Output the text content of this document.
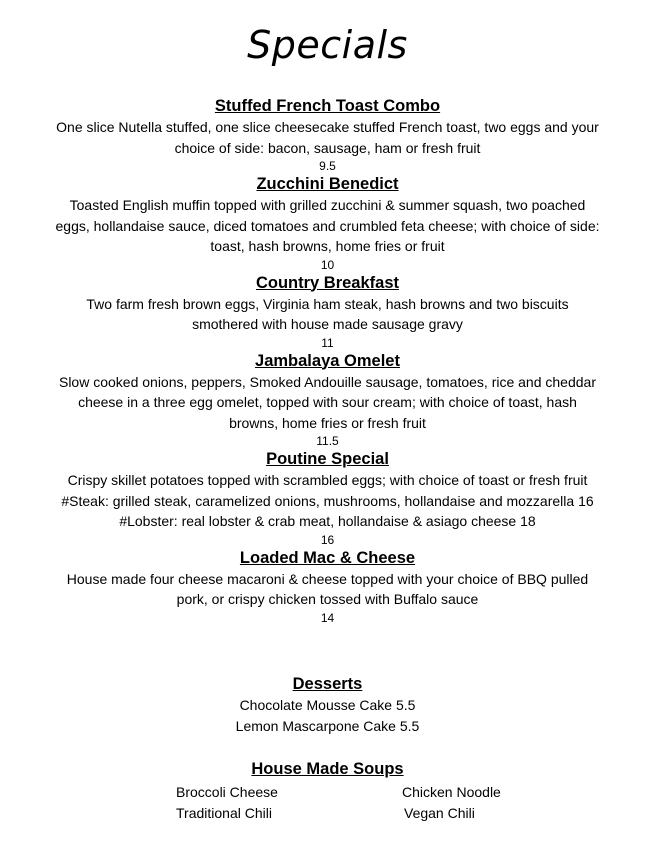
Specials
Stuffed French Toast Combo
One slice Nutella stuffed, one slice cheesecake stuffed French toast, two eggs and your
choice of side: bacon, sausage, ham or fresh fruit
9.5
Zucchini Benedict
Toasted English muffin topped with grilled zucchini & summer squash, two poached
eggs, hollandaise sauce, diced tomatoes and crumbled feta cheese; with choice of side:
toast, hash browns, home fries or fruit
10
Country Breakfast
Two farm fresh brown eggs, Virginia ham steak, hash browns and two biscuits
smothered with house made sausage gravy
11
Jambalaya Omelet
Slow cooked onions, peppers, Smoked Andouille sausage, tomatoes, rice and cheddar
cheese in a three egg omelet, topped with sour cream; with choice of toast, hash
browns, home fries or fresh fruit
11.5
Poutine Special
Crispy skillet potatoes topped with scrambled eggs; with choice of toast or fresh fruit
#Steak: grilled steak, caramelized onions, mushrooms, hollandaise and mozzarella 16
#Lobster: real lobster & crab meat, hollandaise & asiago cheese 18
16
Loaded Mac & Cheese
House made four cheese macaroni & cheese topped with your choice of BBQ pulled
pork, or crispy chicken tossed with Buffalo sauce
14
Desserts
Chocolate Mousse Cake 5.5
Lemon Mascarpone Cake 5.5
House Made Soups
Broccoli Cheese
Traditional Chili
Chicken Noodle
Vegan Chili
